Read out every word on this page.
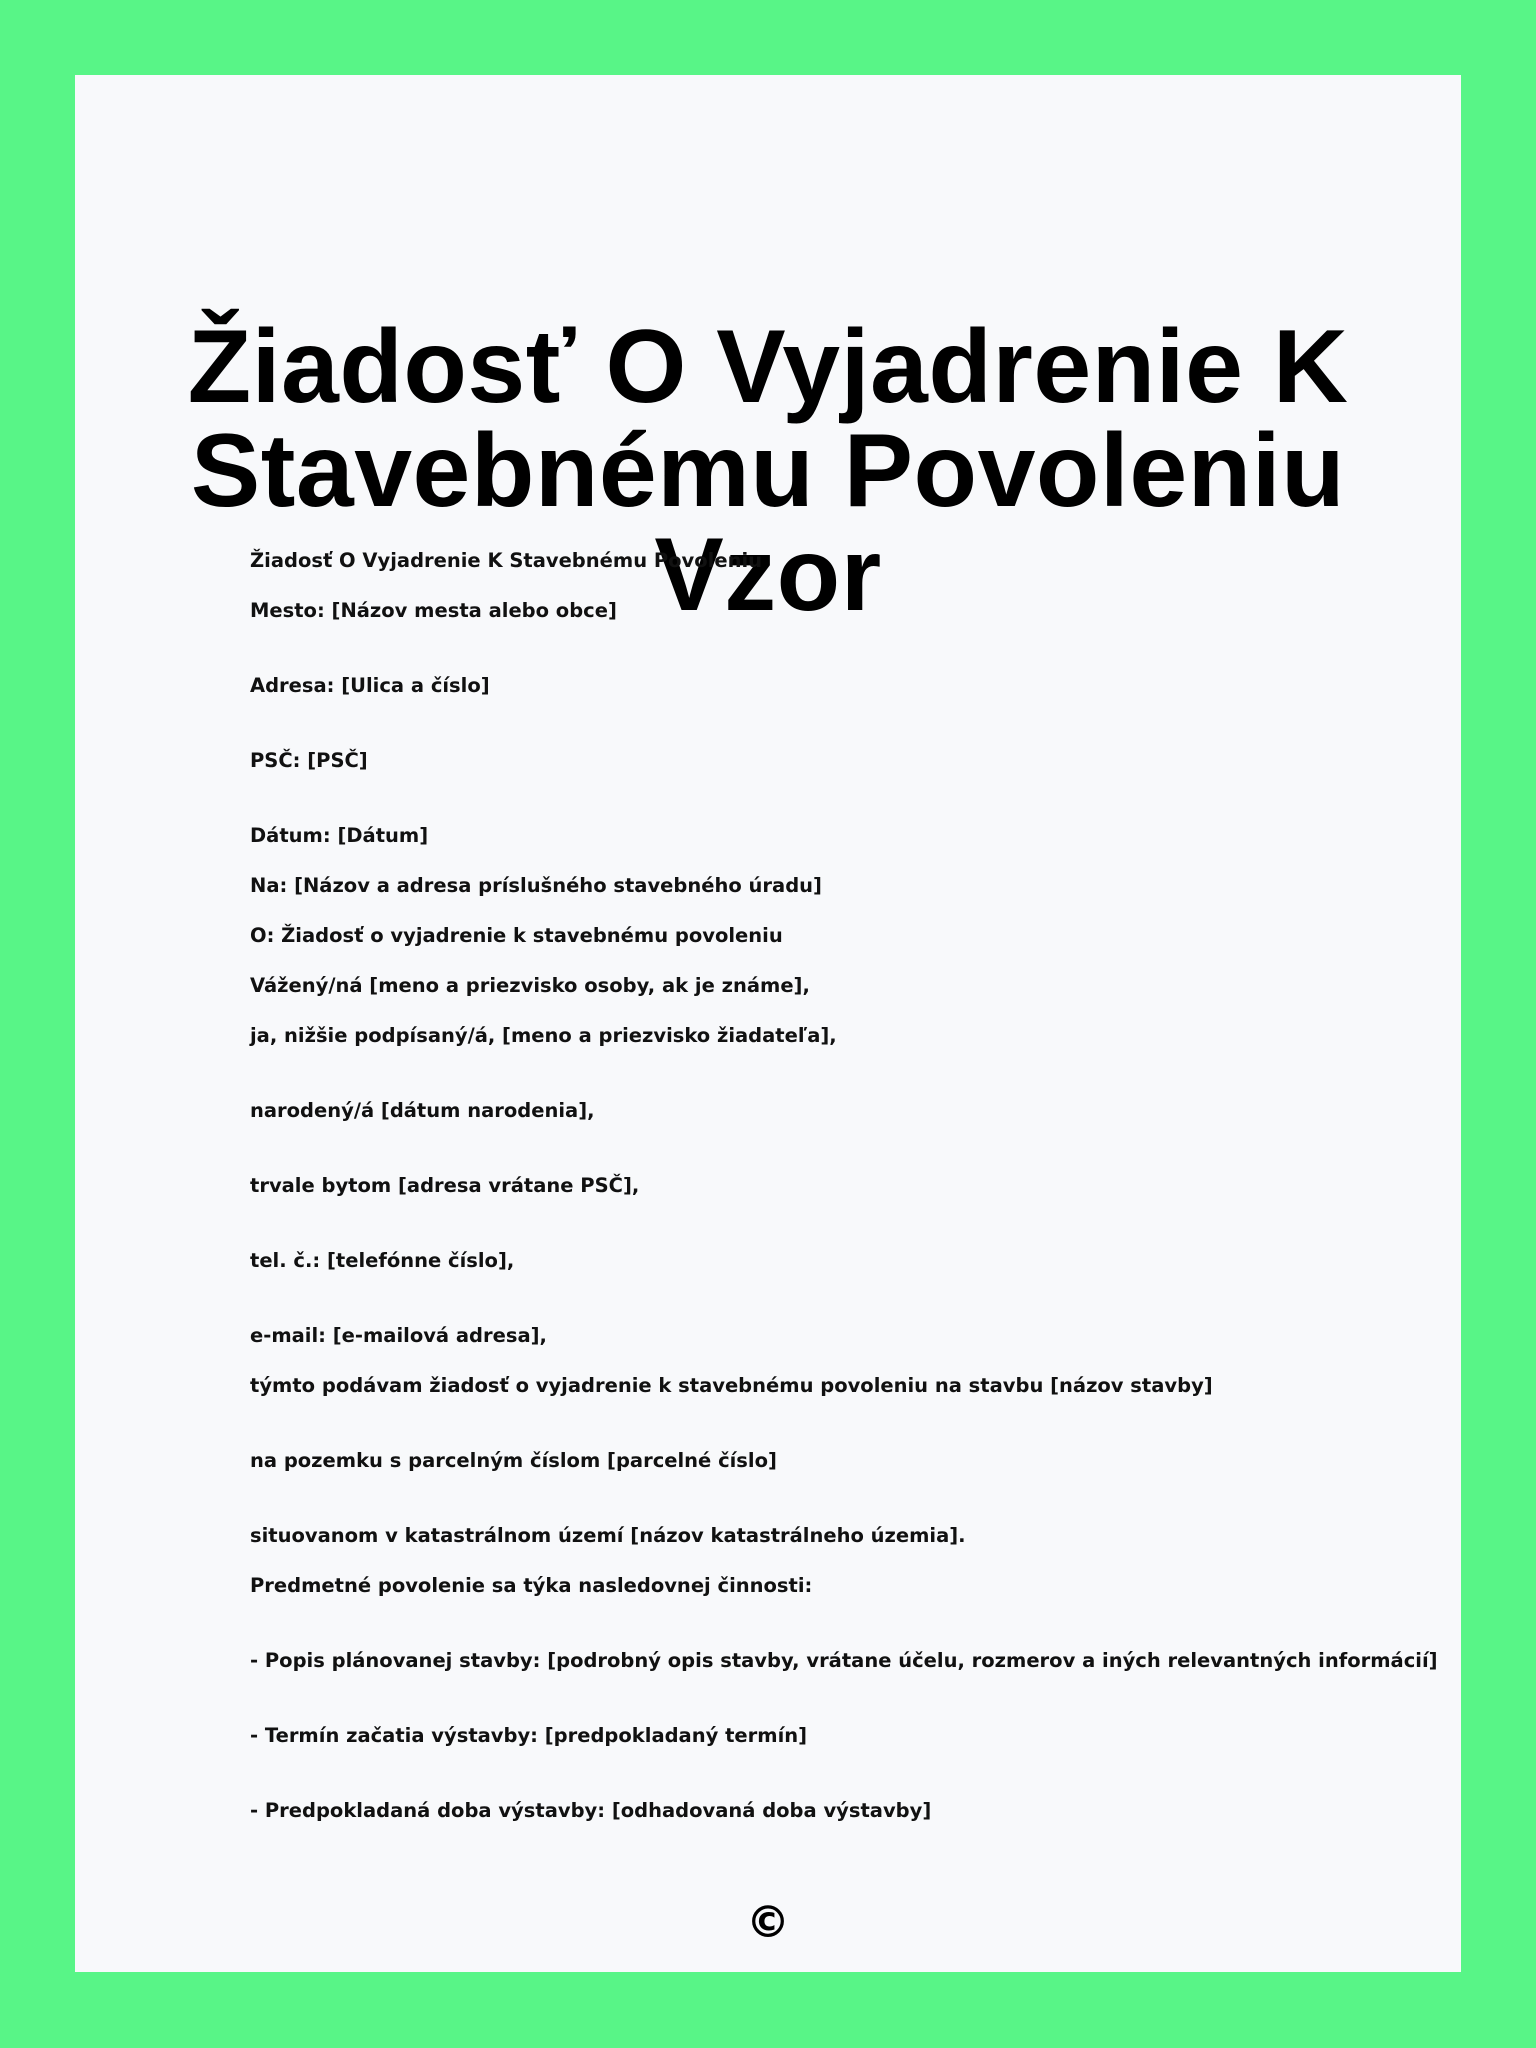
Žiadosť O Vyjadrenie K
Stavebnému Povoleniu Vzor

Žiadosť O Vyjadrenie K Stavebnému Povoleniu

Mesto: [Názov mesta alebo obce]

Adresa: [Ulica a číslo]

PSČ: [PSČ]

Dátum: [Dátum]

Na: [Názov a adresa príslušného stavebného úradu]

O: Žiadosť o vyjadrenie k stavebnému povoleniu

Vážený/ná [meno a priezvisko osoby, ak je známe],

ja, nižšie podpísaný/á, [meno a priezvisko žiadateľa],

narodený/á [dátum narodenia],

trvale bytom [adresa vrátane PSČ],

tel. č.: [telefónne číslo],

e-mail: [e-mailová adresa],

týmto podávam žiadosť o vyjadrenie k stavebnému povoleniu na stavbu [názov stavby]

na pozemku s parcelným číslom [parcelné číslo]

situovanom v katastrálnom území [názov katastrálneho územia].

Predmetné povolenie sa týka nasledovnej činnosti:

- Popis plánovanej stavby: [podrobný opis stavby, vrátane účelu, rozmerov a iných relevantných informácií]

- Termín začatia výstavby: [predpokladaný termín]

- Predpokladaná doba výstavby: [odhadovaná doba výstavby]

©
